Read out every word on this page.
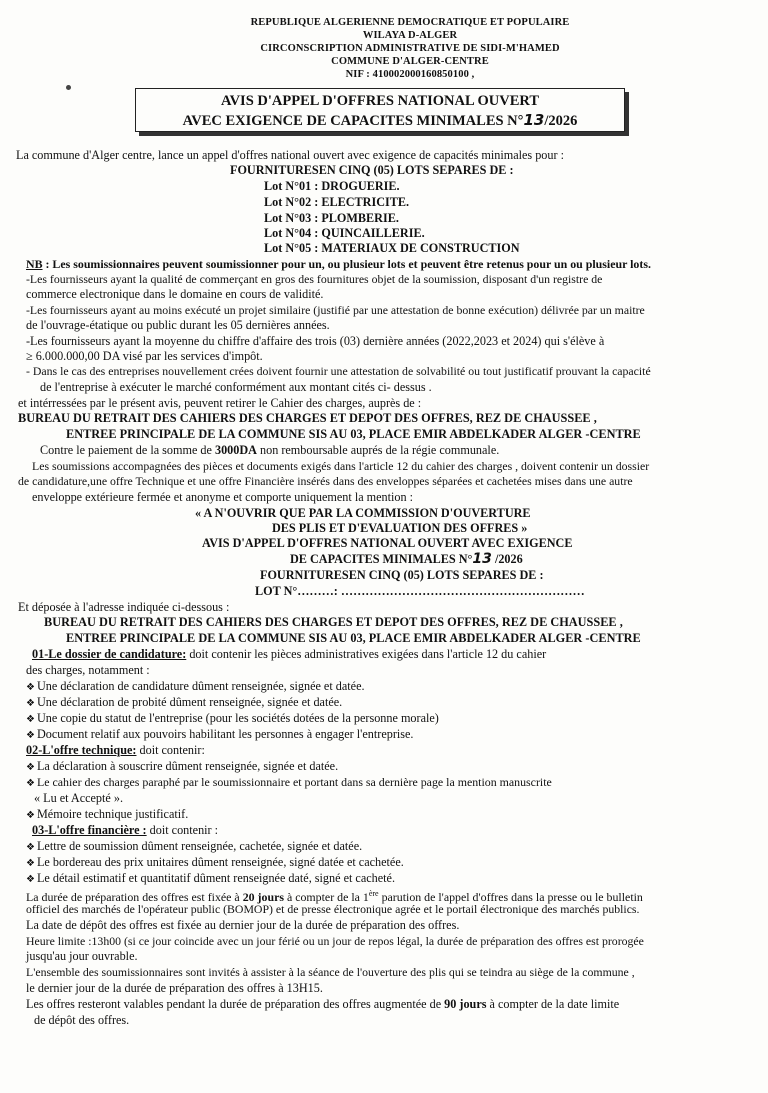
REPUBLIQUE ALGERIENNE DEMOCRATIQUE ET POPULAIRE
WILAYA D-ALGER
CIRCONSCRIPTION ADMINISTRATIVE DE SIDI-M'HAMED
COMMUNE D'ALGER-CENTRE
NIF : 410002000160850100 ,
AVIS D'APPEL D'OFFRES NATIONAL OUVERT
AVEC EXIGENCE DE CAPACITES MINIMALES N°13/2026
La commune d'Alger centre, lance un appel d'offres national ouvert avec exigence de capacités minimales pour :
FOURNITURESEN CINQ (05) LOTS SEPARES DE :
Lot N°01 : DROGUERIE.
Lot N°02 : ELECTRICITE.
Lot N°03 : PLOMBERIE.
Lot N°04 : QUINCAILLERIE.
Lot N°05 : MATERIAUX DE CONSTRUCTION
NB : Les soumissionnaires peuvent soumissionner pour un, ou plusieur lots et peuvent être retenus pour un ou plusieur lots.
-Les fournisseurs ayant la qualité de commerçant en gros des fournitures objet de la soumission, disposant d'un registre de
commerce electronique dans le domaine en cours de validité.
-Les fournisseurs ayant au moins exécuté un projet similaire (justifié par une attestation de bonne exécution) délivrée par un maitre
de l'ouvrage-étatique ou public durant les 05 dernières années.
-Les fournisseurs ayant la moyenne du chiffre d'affaire des trois (03) dernière années (2022,2023 et 2024) qui s'élève à
≥ 6.000.000,00 DA visé par les services d'impôt.
- Dans le cas des entreprises nouvellement crées doivent fournir une attestation de solvabilité ou tout justificatif prouvant la capacité
de l'entreprise à exécuter le marché conformément aux montant cités ci- dessus .
et intérressées par le présent avis, peuvent retirer le Cahier des charges, auprès de :
BUREAU DU RETRAIT DES CAHIERS DES CHARGES ET DEPOT DES OFFRES, REZ DE CHAUSSEE ,
ENTREE PRINCIPALE DE LA COMMUNE SIS AU 03, PLACE EMIR ABDELKADER ALGER -CENTRE
Contre le paiement de la somme de 3000DA non remboursable auprés de la régie communale.
Les soumissions accompagnées des pièces et documents exigés dans l'article 12 du cahier des charges , doivent contenir un dossier
de candidature,une offre Technique et une offre Financière insérés dans des enveloppes séparées et cachetées mises dans une autre
enveloppe extérieure fermée et anonyme et comporte uniquement la mention :
« A N'OUVRIR QUE PAR LA COMMISSION D'OUVERTURE
DES PLIS ET D'EVALUATION DES OFFRES »
AVIS D'APPEL D'OFFRES NATIONAL OUVERT AVEC EXIGENCE
DE CAPACITES MINIMALES N°13 /2026
FOURNITURESEN CINQ (05) LOTS SEPARES DE :
LOT N°………: ……………………………………………………
Et déposée à l'adresse indiquée ci-dessous :
BUREAU DU RETRAIT DES CAHIERS DES CHARGES ET DEPOT DES OFFRES, REZ DE CHAUSSEE ,
ENTREE PRINCIPALE DE LA COMMUNE SIS AU 03, PLACE EMIR ABDELKADER ALGER -CENTRE
01-Le dossier de candidature: doit contenir les pièces administratives exigées dans l'article 12 du cahier
des charges, notamment :
❖ Une déclaration de candidature dûment renseignée, signée et datée.
❖ Une déclaration de probité dûment renseignée, signée et datée.
❖ Une copie du statut de l'entreprise (pour les sociétés dotées de la personne morale)
❖ Document relatif aux pouvoirs habilitant les personnes à engager l'entreprise.
02-L'offre technique: doit contenir:
❖ La déclaration à souscrire dûment renseignée, signée et datée.
❖ Le cahier des charges paraphé par le soumissionnaire et portant dans sa dernière page la mention manuscrite
« Lu et Accepté ».
❖ Mémoire technique justificatif.
03-L'offre financière : doit contenir :
❖ Lettre de soumission dûment renseignée, cachetée, signée et datée.
❖ Le bordereau des prix unitaires dûment renseignée, signé datée et cachetée.
❖ Le détail estimatif et quantitatif dûment renseignée daté, signé et cacheté.
La durée de préparation des offres est fixée à 20 jours à compter de la 1ère parution de l'appel d'offres dans la presse ou le bulletin
officiel des marchés de l'opérateur public (BOMOP) et de presse électronique agrée et le portail électronique des marchés publics.
La date de dépôt des offres est fixée au dernier jour de la durée de préparation des offres.
Heure limite :13h00 (si ce jour coincide avec un jour férié ou un jour de repos légal, la durée de préparation des offres est prorogée
jusqu'au jour ouvrable.
L'ensemble des soumissionnaires sont invités à assister à la séance de l'ouverture des plis qui se teindra au siège de la commune ,
le dernier jour de la durée de préparation des offres à 13H15.
Les offres resteront valables pendant la durée de préparation des offres augmentée de 90 jours à compter de la date limite
de dépôt des offres.
